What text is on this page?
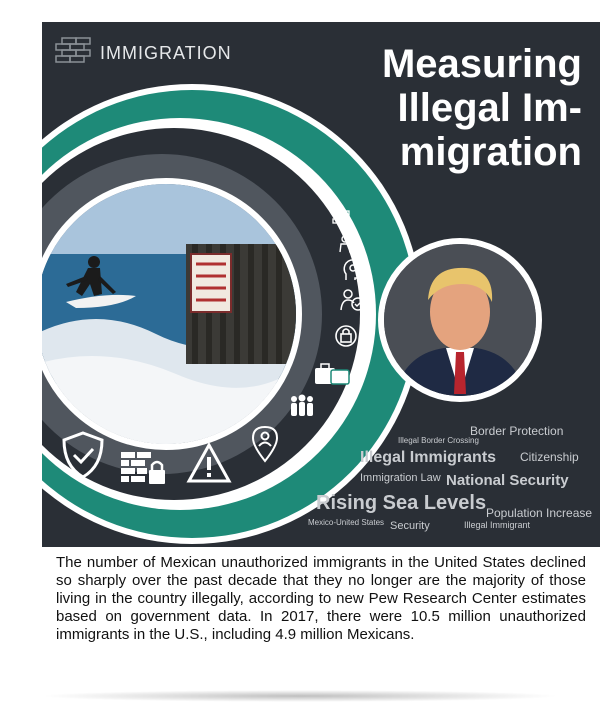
IMMIGRATION	Measuring
Illegal Im-
migration
Border Protection
Illegal Border Crossing
Citizenship
Illegal Immigrants
Immigration Law National Security
Rising Sea Levels Population Increase
Mexico-United States Security	Illegal Immigrant
The number of Mexican unauthorized immigrants in the United States declined so sharply over the past decade that they no longer are the majority of those living in the country illegally, according to new Pew Research Center estimates based on government data. In 2017, there were 10.5 million unauthorized immigrants in the U.S., including 4.9 million Mexicans.
